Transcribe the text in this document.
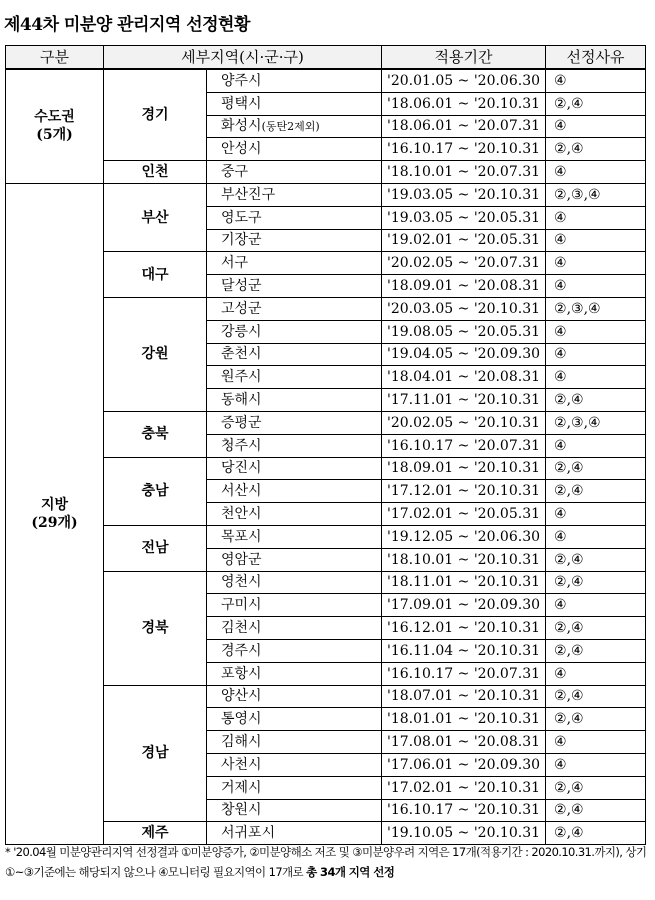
제44차 미분양 관리지역 선정현황
구분	세부지역(시·군·구)		적용기간	선정사유

수도권
(5개)	경기	양주시	'20.01.05 ~ '20.06.30	④
		평택시	'18.06.01 ~ '20.10.31	②,④
		화성시(동탄2제외)	'18.06.01 ~ '20.07.31	④
		안성시	'16.10.17 ~ '20.10.31	②,④
	인천	중구	'18.10.01 ~ '20.07.31	④

지방
(29개)	부산	부산진구	'19.03.05 ~ '20.10.31	②,③,④
		영도구	'19.03.05 ~ '20.05.31	④
		기장군	'19.02.01 ~ '20.05.31	④
	대구	서구	'20.02.05 ~ '20.07.31	④
		달성군	'18.09.01 ~ '20.08.31	④
	강원	고성군	'20.03.05 ~ '20.10.31	②,③,④
		강릉시	'19.08.05 ~ '20.05.31	④
		춘천시	'19.04.05 ~ '20.09.30	④
		원주시	'18.04.01 ~ '20.08.31	④
		동해시	'17.11.01 ~ '20.10.31	②,④
	충북	증평군	'20.02.05 ~ '20.10.31	②,③,④
		청주시	'16.10.17 ~ '20.07.31	④
	충남	당진시	'18.09.01 ~ '20.10.31	②,④
		서산시	'17.12.01 ~ '20.10.31	②,④
		천안시	'17.02.01 ~ '20.05.31	④
	전남	목포시	'19.12.05 ~ '20.06.30	④
		영암군	'18.10.01 ~ '20.10.31	②,④
	경북	영천시	'18.11.01 ~ '20.10.31	②,④
		구미시	'17.09.01 ~ '20.09.30	④
		김천시	'16.12.01 ~ '20.10.31	②,④
		경주시	'16.11.04 ~ '20.10.31	②,④
		포항시	'16.10.17 ~ '20.07.31	④
	경남	양산시	'18.07.01 ~ '20.10.31	②,④
		통영시	'18.01.01 ~ '20.10.31	②,④
		김해시	'17.08.01 ~ '20.08.31	④
		사천시	'17.06.01 ~ '20.09.30	④
		거제시	'17.02.01 ~ '20.10.31	②,④
		창원시	'16.10.17 ~ '20.10.31	②,④
	제주	서귀포시	'19.10.05 ~ '20.10.31	②,④
* '20.04월 미분양관리지역 선정결과 ①미분양증가, ②미분양해소 저조 및 ③미분양우려 지역은 17개(적용기간 : 2020.10.31.까지), 상기 ①~③기준에는 해당되지 않으나 ④모니터링 필요지역이 17개로 총 34개 지역 선정
